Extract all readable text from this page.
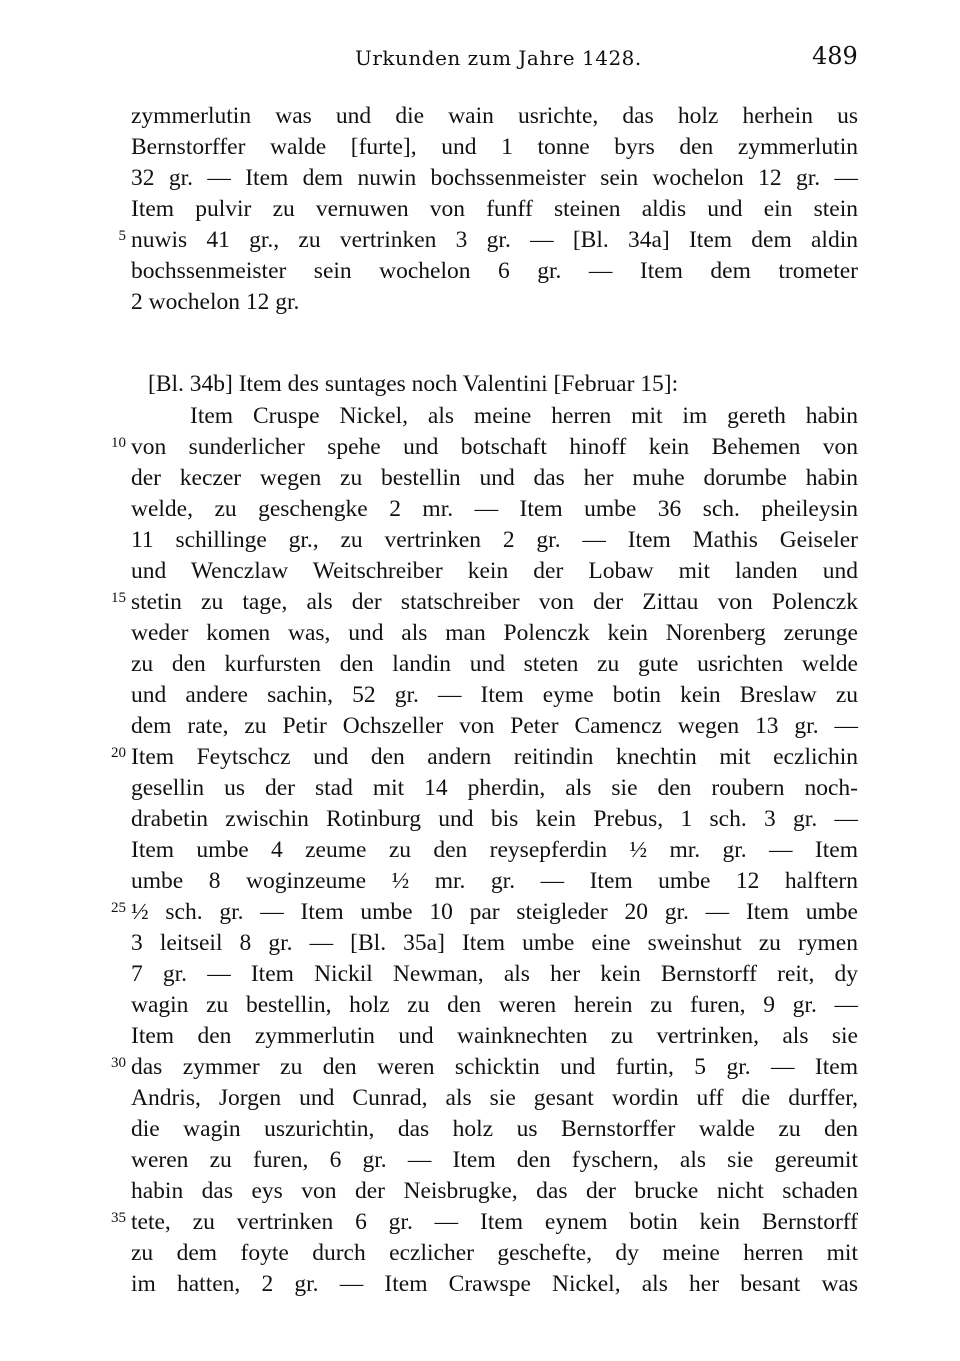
Urkunden zum Jahre 1428.	489
zymmerlutin was und die wain usrichte, das holz herhein us
Bernstorffer walde [furte], und 1 tonne byrs den zymmerlutin
32 gr. — Item dem nuwin bochssenmeister sein wochelon 12 gr. —
Item pulvir zu vernuwen von funff steinen aldis und ein stein
nuwis 41 gr., zu vertrinken 3 gr. — [Bl. 34a] Item dem aldin
bochssenmeister sein wochelon 6 gr. — Item dem trometer
2 wochelon 12 gr.
[Bl. 34b] Item des suntages noch Valentini [Februar 15]:
Item Cruspe Nickel, als meine herren mit im gereth habin
von sunderlicher spehe und botschaft hinoff kein Behemen von
der keczer wegen zu bestellin und das her muhe dorumbe habin
welde, zu geschengke 2 mr. — Item umbe 36 sch. pheileysin
11 schillinge gr., zu vertrinken 2 gr. — Item Mathis Geiseler
und Wenczlaw Weitschreiber kein der Lobaw mit landen und
stetin zu tage, als der statschreiber von der Zittau von Polenczk
weder komen was, und als man Polenczk kein Norenberg zerunge
zu den kurfursten den landin und steten zu gute usrichten welde
und andere sachin, 52 gr. — Item eyme botin kein Breslaw zu
dem rate, zu Petir Ochszeller von Peter Camencz wegen 13 gr. —
Item Feytschcz und den andern reitindin knechtin mit eczlichin
gesellin us der stad mit 14 pherdin, als sie den roubern noch-
drabetin zwischin Rotinburg und bis kein Prebus, 1 sch. 3 gr. —
Item umbe 4 zeume zu den reysepferdin ½ mr. gr. — Item
umbe 8 woginzeume ½ mr. gr. — Item umbe 12 halftern
½ sch. gr. — Item umbe 10 par steigleder 20 gr. — Item umbe
3 leitseil 8 gr. — [Bl. 35a] Item umbe eine sweinshut zu rymen
7 gr. — Item Nickil Newman, als her kein Bernstorff reit, dy
wagin zu bestellin, holz zu den weren herein zu furen, 9 gr. —
Item den zymmerlutin und wainknechten zu vertrinken, als sie
das zymmer zu den weren schicktin und furtin, 5 gr. — Item
Andris, Jorgen und Cunrad, als sie gesant wordin uff die durffer,
die wagin uszurichtin, das holz us Bernstorffer walde zu den
weren zu furen, 6 gr. — Item den fyschern, als sie gereumit
habin das eys von der Neisbrugke, das der brucke nicht schaden
tete, zu vertrinken 6 gr. — Item eynem botin kein Bernstorff
zu dem foyte durch eczlicher geschefte, dy meine herren mit
im hatten, 2 gr. — Item Crawspe Nickel, als her besant was
5
10
15
20
25
30
35
